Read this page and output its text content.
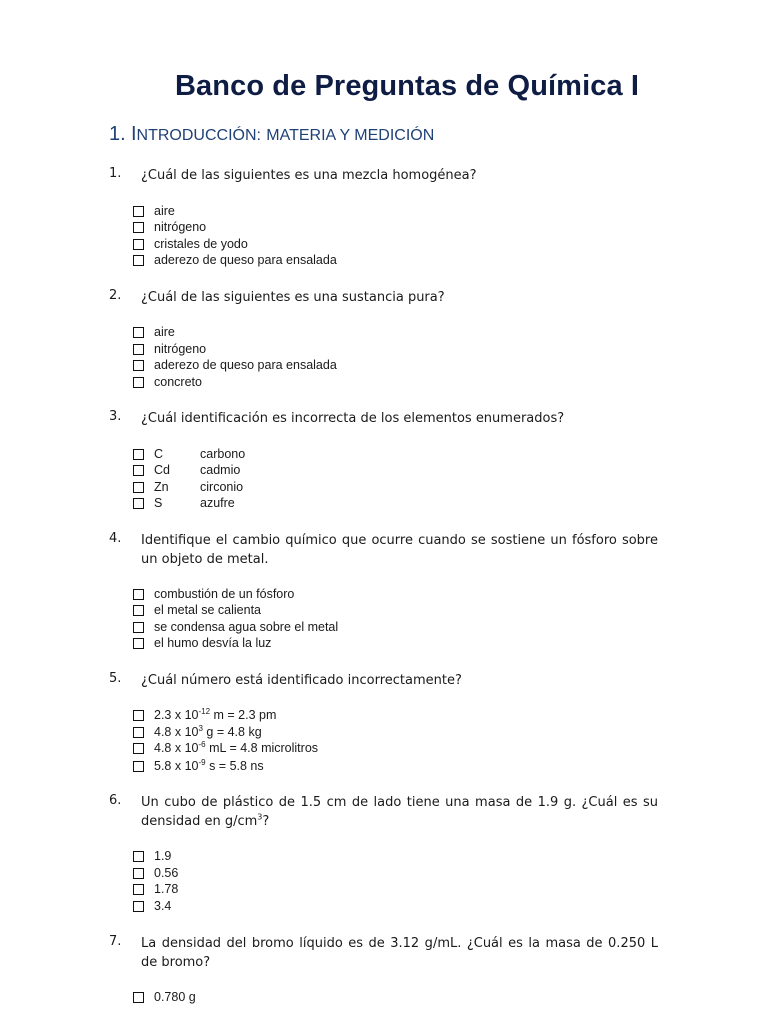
Banco de Preguntas de Química I
1. INTRODUCCIÓN: MATERIA Y MEDICIÓN
1. ¿Cuál de las siguientes es una mezcla homogénea?
aire
nitrógeno
cristales de yodo
aderezo de queso para ensalada
2. ¿Cuál de las siguientes es una sustancia pura?
aire
nitrógeno
aderezo de queso para ensalada
concreto
3. ¿Cuál identificación es incorrecta de los elementos enumerados?
C	carbono
Cd	cadmio
Zn	circonio
S	azufre
4. Identifique el cambio químico que ocurre cuando se sostiene un fósforo sobre un objeto de metal.
combustión de un fósforo
el metal se calienta
se condensa agua sobre el metal
el humo desvía la luz
5. ¿Cuál número está identificado incorrectamente?
2.3 x $10^{-12}$ m = 2.3 pm
4.8 x $10^3$ g = 4.8 kg
4.8 x $10^{-6}$ mL = 4.8 microlitros
5.8 x $10^{-9}$ s = 5.8 ns
6. Un cubo de plástico de 1.5 cm de lado tiene una masa de 1.9 g. ¿Cuál es su densidad en $g/cm^3$?
1.9
0.56
1.78
3.4
7. La densidad del bromo líquido es de 3.12 g/mL. ¿Cuál es la masa de 0.250 L de bromo?
0.780 g
